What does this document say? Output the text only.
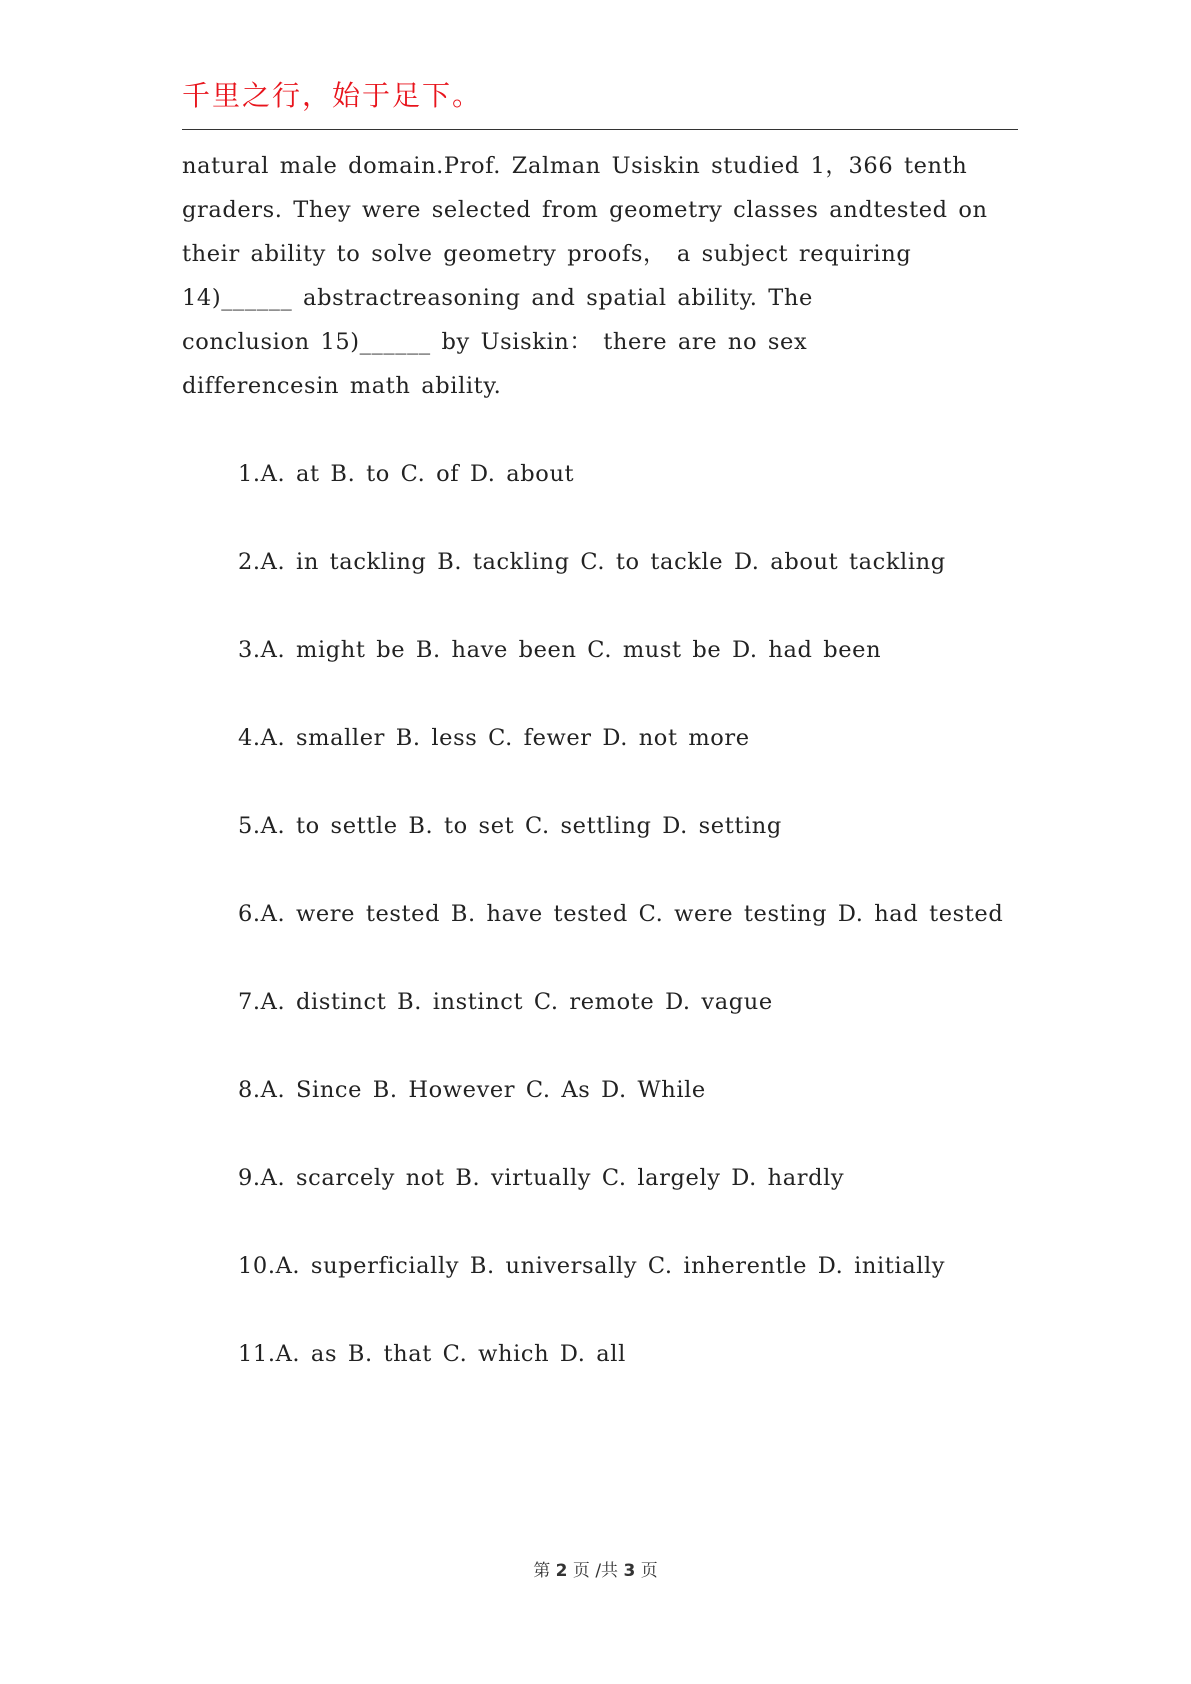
千里之行，始于足下。
natural male domain.Prof. Zalman Usiskin studied 1，366 tenth
graders. They were selected from geometry classes andtested on
their ability to solve geometry proofs， a subject requiring
14)______ abstractreasoning and spatial ability. The
conclusion 15)______ by Usiskin： there are no sex
differencesin math ability.
1.A. at B. to C. of D. about
2.A. in tackling B. tackling C. to tackle D. about tackling
3.A. might be B. have been C. must be D. had been
4.A. smaller B. less C. fewer D. not more
5.A. to settle B. to set C. settling D. setting
6.A. were tested B. have tested C. were testing D. had tested
7.A. distinct B. instinct C. remote D. vague
8.A. Since B. However C. As D. While
9.A. scarcely not B. virtually C. largely D. hardly
10.A. superficially B. universally C. inherentle D. initially
11.A. as B. that C. which D. all
第 2 页 /共 3 页
